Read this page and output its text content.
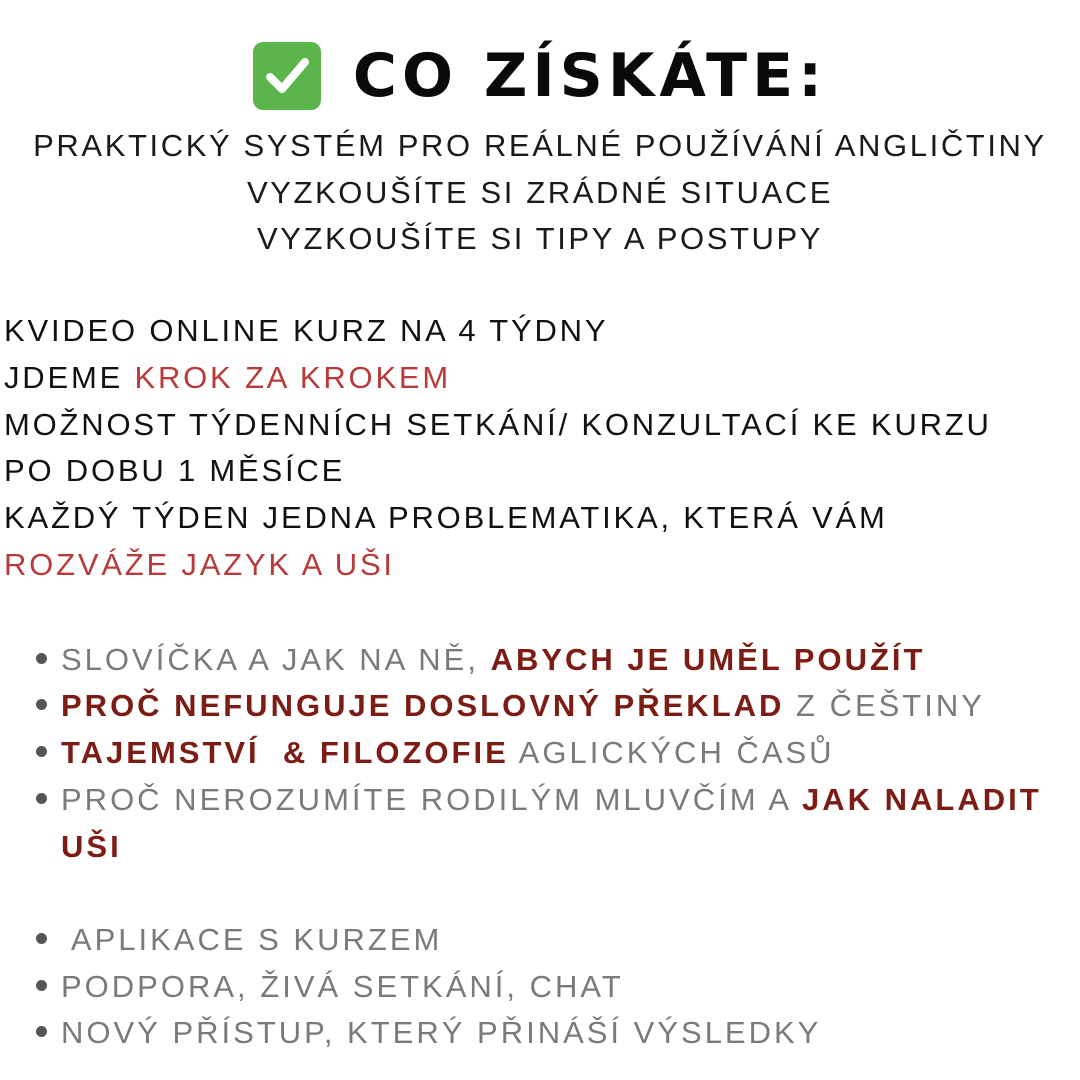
CO ZÍSKÁTE:
PRAKTICKÝ SYSTÉM PRO REÁLNÉ POUŽÍVÁNÍ ANGLIČTINY
VYZKOUŠÍTE SI ZRÁDNÉ SITUACE
VYZKOUŠÍTE SI TIPY A POSTUPY
KVIDEO ONLINE KURZ NA 4 TÝDNY
JDEME KROK ZA KROKEM
MOŽNOST TÝDENNÍCH SETKÁNÍ/ KONZULTACÍ KE KURZU
PO DOBU 1 MĚSÍCE
KAŽDÝ TÝDEN JEDNA PROBLEMATIKA, KTERÁ VÁM
ROZVÁŽE JAZYK A UŠI
SLOVÍČKA A JAK NA NĚ, ABYCH JE UMĚL POUŽÍT
PROČ NEFUNGUJE DOSLOVNÝ PŘEKLAD Z ČEŠTINY
TAJEMSTVÍ  & FILOZOFIE AGLICKÝCH ČASŮ
PROČ NEROZUMÍTE RODILÝM MLUVČÍM A JAK NALADIT
UŠI
APLIKACE S KURZEM
PODPORA, ŽIVÁ SETKÁNÍ, CHAT
NOVÝ PŘÍSTUP, KTERÝ PŘINÁŠÍ VÝSLEDKY
